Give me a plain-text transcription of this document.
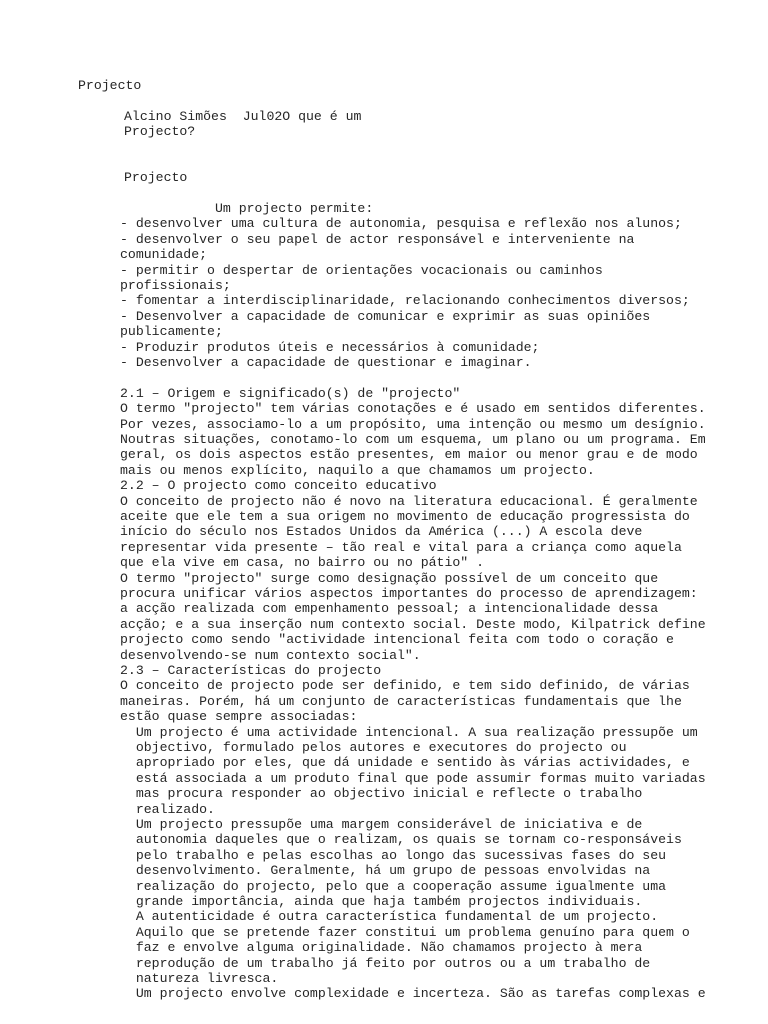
Projecto
Alcino Simões  Jul02O que é um
Projecto?
Projecto
Um projecto permite:
- desenvolver uma cultura de autonomia, pesquisa e reflexão nos alunos;
- desenvolver o seu papel de actor responsável e interveniente na
comunidade;
- permitir o despertar de orientações vocacionais ou caminhos
profissionais;
- fomentar a interdisciplinaridade, relacionando conhecimentos diversos;
- Desenvolver a capacidade de comunicar e exprimir as suas opiniões
publicamente;
- Produzir produtos úteis e necessários à comunidade;
- Desenvolver a capacidade de questionar e imaginar.
2.1 – Origem e significado(s) de "projecto"
O termo "projecto" tem várias conotações e é usado em sentidos diferentes.
Por vezes, associamo-lo a um propósito, uma intenção ou mesmo um desígnio.
Noutras situações, conotamo-lo com um esquema, um plano ou um programa. Em
geral, os dois aspectos estão presentes, em maior ou menor grau e de modo
mais ou menos explícito, naquilo a que chamamos um projecto.
2.2 – O projecto como conceito educativo
O conceito de projecto não é novo na literatura educacional. É geralmente
aceite que ele tem a sua origem no movimento de educação progressista do
início do século nos Estados Unidos da América (...) A escola deve
representar vida presente – tão real e vital para a criança como aquela
que ela vive em casa, no bairro ou no pátio" .
O termo "projecto" surge como designação possível de um conceito que
procura unificar vários aspectos importantes do processo de aprendizagem:
a acção realizada com empenhamento pessoal; a intencionalidade dessa
acção; e a sua inserção num contexto social. Deste modo, Kilpatrick define
projecto como sendo "actividade intencional feita com todo o coração e
desenvolvendo-se num contexto social".
2.3 – Características do projecto
O conceito de projecto pode ser definido, e tem sido definido, de várias
maneiras. Porém, há um conjunto de características fundamentais que lhe
estão quase sempre associadas:
Um projecto é uma actividade intencional. A sua realização pressupõe um
objectivo, formulado pelos autores e executores do projecto ou
apropriado por eles, que dá unidade e sentido às várias actividades, e
está associada a um produto final que pode assumir formas muito variadas
mas procura responder ao objectivo inicial e reflecte o trabalho
realizado.
Um projecto pressupõe uma margem considerável de iniciativa e de
autonomia daqueles que o realizam, os quais se tornam co-responsáveis
pelo trabalho e pelas escolhas ao longo das sucessivas fases do seu
desenvolvimento. Geralmente, há um grupo de pessoas envolvidas na
realização do projecto, pelo que a cooperação assume igualmente uma
grande importância, ainda que haja também projectos individuais.
A autenticidade é outra característica fundamental de um projecto.
Aquilo que se pretende fazer constitui um problema genuíno para quem o
faz e envolve alguma originalidade. Não chamamos projecto à mera
reprodução de um trabalho já feito por outros ou a um trabalho de
natureza livresca.
Um projecto envolve complexidade e incerteza. São as tarefas complexas e
